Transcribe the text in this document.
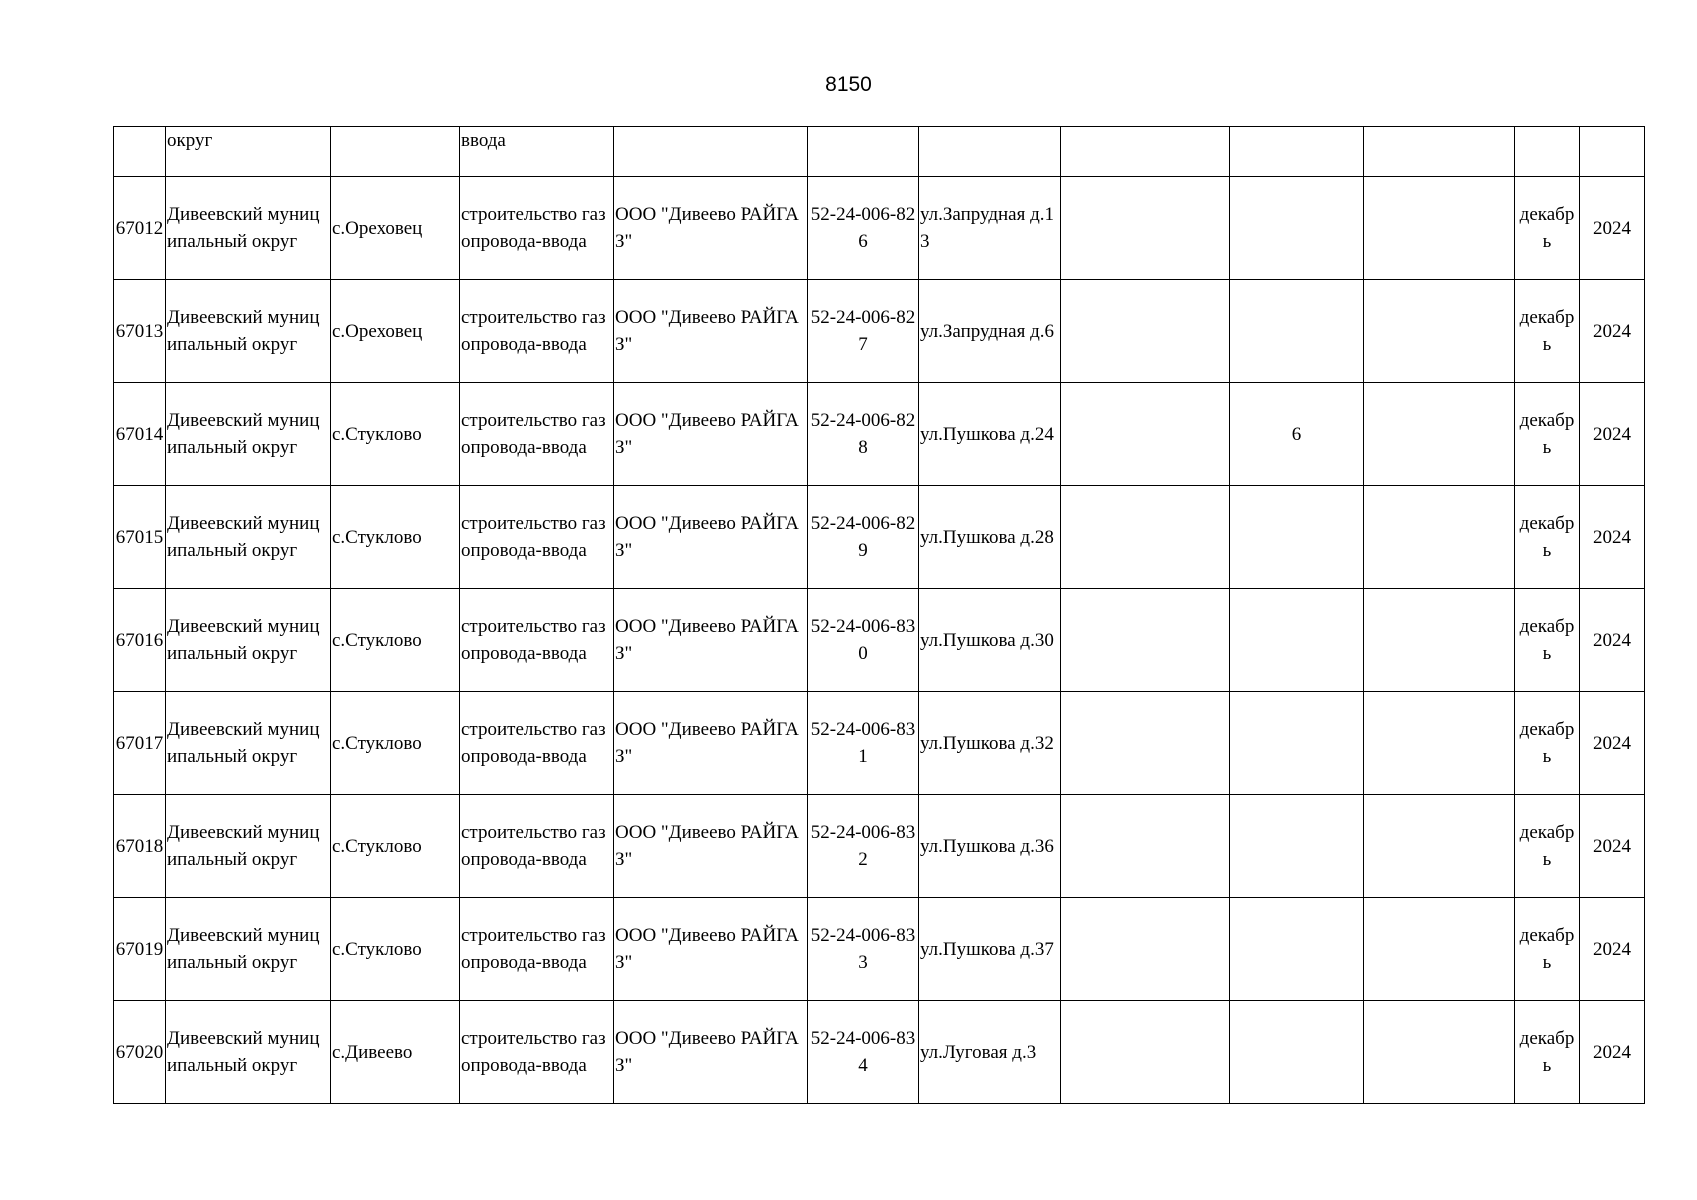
8150
	округ		ввода								
67012	Дивеевский муниципальный округ	с.Ореховец	строительство газопровода-ввода	ООО "Дивеево РАЙГАЗ"	52-24-006-826	ул.Запрудная д.13				декабрь	2024
67013	Дивеевский муниципальный округ	с.Ореховец	строительство газопровода-ввода	ООО "Дивеево РАЙГАЗ"	52-24-006-827	ул.Запрудная д.6				декабрь	2024
67014	Дивеевский муниципальный округ	с.Стуклово	строительство газопровода-ввода	ООО "Дивеево РАЙГАЗ"	52-24-006-828	ул.Пушкова д.24		6		декабрь	2024
67015	Дивеевский муниципальный округ	с.Стуклово	строительство газопровода-ввода	ООО "Дивеево РАЙГАЗ"	52-24-006-829	ул.Пушкова д.28				декабрь	2024
67016	Дивеевский муниципальный округ	с.Стуклово	строительство газопровода-ввода	ООО "Дивеево РАЙГАЗ"	52-24-006-830	ул.Пушкова д.30				декабрь	2024
67017	Дивеевский муниципальный округ	с.Стуклово	строительство газопровода-ввода	ООО "Дивеево РАЙГАЗ"	52-24-006-831	ул.Пушкова д.32				декабрь	2024
67018	Дивеевский муниципальный округ	с.Стуклово	строительство газопровода-ввода	ООО "Дивеево РАЙГАЗ"	52-24-006-832	ул.Пушкова д.36				декабрь	2024
67019	Дивеевский муниципальный округ	с.Стуклово	строительство газопровода-ввода	ООО "Дивеево РАЙГАЗ"	52-24-006-833	ул.Пушкова д.37				декабрь	2024
67020	Дивеевский муниципальный округ	с.Дивеево	строительство газопровода-ввода	ООО "Дивеево РАЙГАЗ"	52-24-006-834	ул.Луговая д.3				декабрь	2024
